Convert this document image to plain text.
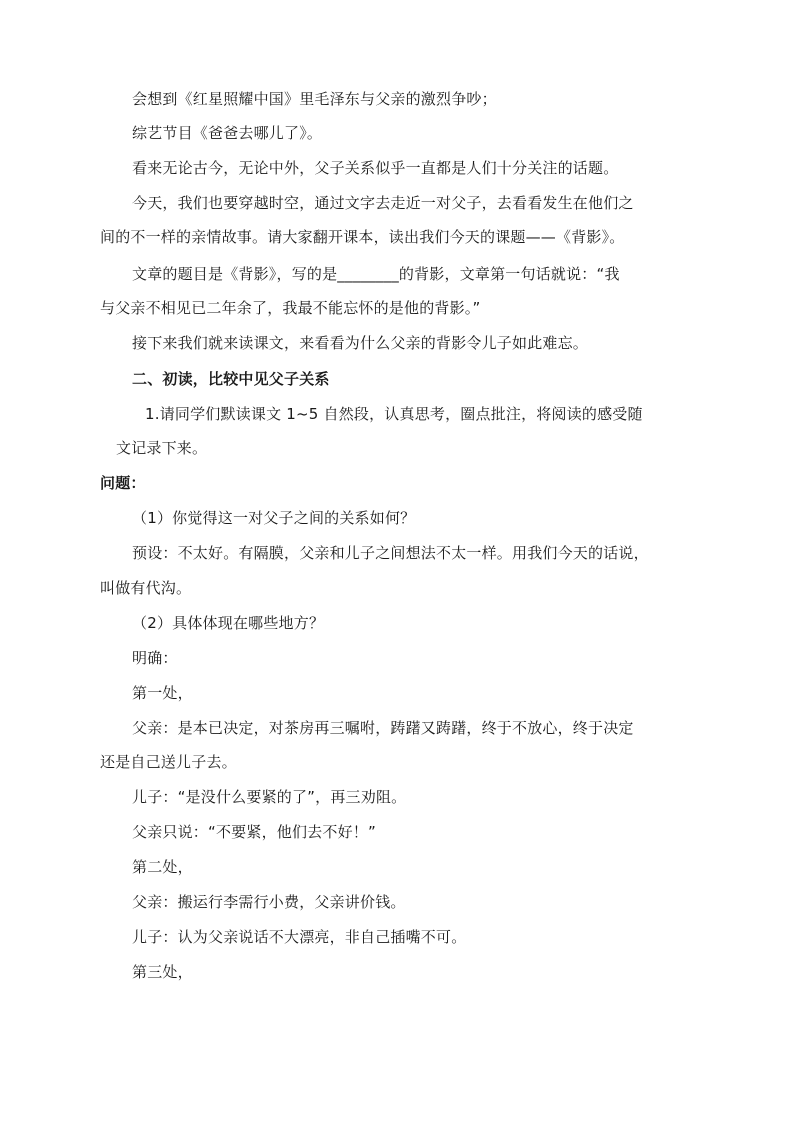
会想到《红星照耀中国》里毛泽东与父亲的激烈争吵；
综艺节目《爸爸去哪儿了》。
看来无论古今，无论中外，父子关系似乎一直都是人们十分关注的话题。
今天，我们也要穿越时空，通过文字去走近一对父子，去看看发生在他们之
间的不一样的亲情故事。请大家翻开课本，读出我们今天的课题——《背影》。
文章的题目是《背影》，写的是________的背影，文章第一句话就说：“我
与父亲不相见已二年余了，我最不能忘怀的是他的背影。”
接下来我们就来读课文，来看看为什么父亲的背影令儿子如此难忘。
二、初读，比较中见父子关系
1.请同学们默读课文 1~5 自然段，认真思考，圈点批注，将阅读的感受随
文记录下来。
问题：
（1）你觉得这一对父子之间的关系如何？
预设：不太好。有隔膜，父亲和儿子之间想法不太一样。用我们今天的话说，
叫做有代沟。
（2）具体体现在哪些地方？
明确：
第一处，
父亲：是本已决定，对茶房再三嘱咐，踌躇又踌躇，终于不放心，终于决定
还是自己送儿子去。
儿子：“是没什么要紧的了”，再三劝阻。
父亲只说：“不要紧，他们去不好！”
第二处，
父亲：搬运行李需行小费，父亲讲价钱。
儿子：认为父亲说话不大漂亮，非自己插嘴不可。
第三处，
